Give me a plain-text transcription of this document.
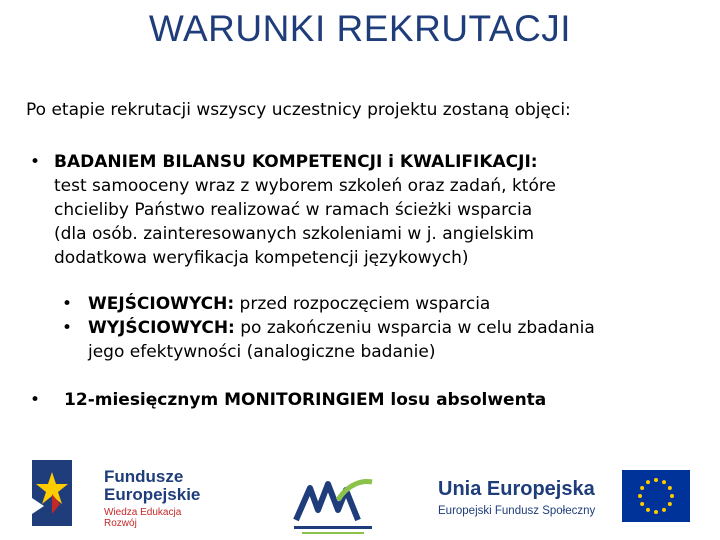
WARUNKI REKRUTACJI
Po etapie rekrutacji wszyscy uczestnicy projektu zostaną objęci:
• BADANIEM BILANSU KOMPETENCJI i KWALIFIKACJI:
test samooceny wraz z wyborem szkoleń oraz zadań, które
chcieliby Państwo realizować w ramach ścieżki wsparcia
(dla osób. zainteresowanych szkoleniami w j. angielskim
dodatkowa weryfikacja kompetencji językowych)
• WEJŚCIOWYCH: przed rozpoczęciem wsparcia
• WYJŚCIOWYCH: po zakończeniu wsparcia w celu zbadania
jego efektywności (analogiczne badanie)
• 12-miesięcznym MONITORINGIEM losu absolwenta
Fundusze
Europejskie
Wiedza Edukacja Rozwój
Unia Europejska
Europejski Fundusz Społeczny
